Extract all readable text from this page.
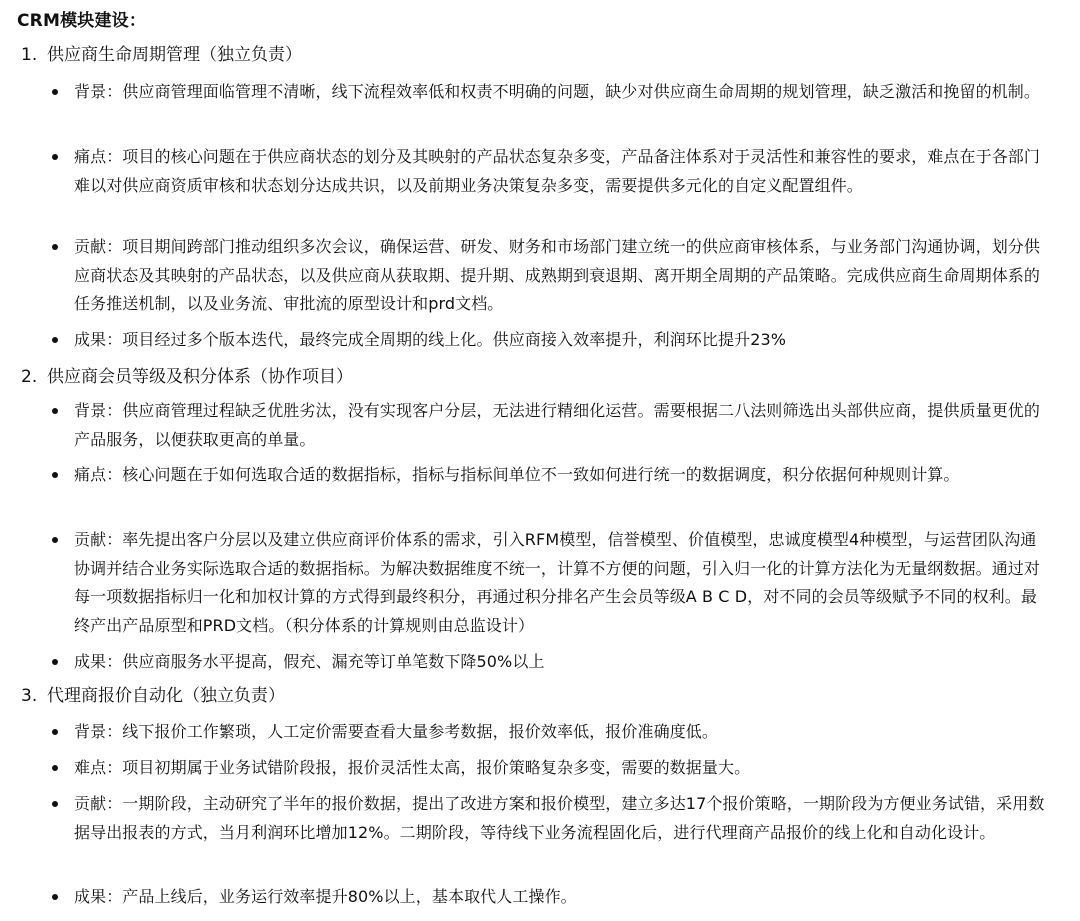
CRM模块建设：
1. 供应商生命周期管理（独立负责）
背景：供应商管理面临管理不清晰，线下流程效率低和权责不明确的问题，缺少对供应商生命周期的规划管理，缺乏激活和挽留的机制。
痛点：项目的核心问题在于供应商状态的划分及其映射的产品状态复杂多变，产品备注体系对于灵活性和兼容性的要求，难点在于各部门难以对供应商资质审核和状态划分达成共识，以及前期业务决策复杂多变，需要提供多元化的自定义配置组件。
贡献：项目期间跨部门推动组织多次会议，确保运营、研发、财务和市场部门建立统一的供应商审核体系，与业务部门沟通协调，划分供应商状态及其映射的产品状态，以及供应商从获取期、提升期、成熟期到衰退期、离开期全周期的产品策略。完成供应商生命周期体系的任务推送机制，以及业务流、审批流的原型设计和prd文档。
成果：项目经过多个版本迭代，最终完成全周期的线上化。供应商接入效率提升，利润环比提升23%
2. 供应商会员等级及积分体系（协作项目）
背景：供应商管理过程缺乏优胜劣汰，没有实现客户分层，无法进行精细化运营。需要根据二八法则筛选出头部供应商，提供质量更优的产品服务，以便获取更高的单量。
痛点：核心问题在于如何选取合适的数据指标，指标与指标间单位不一致如何进行统一的数据调度，积分依据何种规则计算。
贡献：率先提出客户分层以及建立供应商评价体系的需求，引入RFM模型，信誉模型、价值模型，忠诚度模型4种模型，与运营团队沟通协调并结合业务实际选取合适的数据指标。为解决数据维度不统一，计算不方便的问题，引入归一化的计算方法化为无量纲数据。通过对每一项数据指标归一化和加权计算的方式得到最终积分，再通过积分排名产生会员等级A B C D，对不同的会员等级赋予不同的权利。最终产出产品原型和PRD文档。（积分体系的计算规则由总监设计）
成果：供应商服务水平提高，假充、漏充等订单笔数下降50%以上
3. 代理商报价自动化（独立负责）
背景：线下报价工作繁琐，人工定价需要查看大量参考数据，报价效率低，报价准确度低。
难点：项目初期属于业务试错阶段报，报价灵活性太高，报价策略复杂多变，需要的数据量大。
贡献：一期阶段，主动研究了半年的报价数据，提出了改进方案和报价模型，建立多达17个报价策略，一期阶段为方便业务试错，采用数据导出报表的方式，当月利润环比增加12%。二期阶段，等待线下业务流程固化后，进行代理商产品报价的线上化和自动化设计。
成果：产品上线后，业务运行效率提升80%以上，基本取代人工操作。
